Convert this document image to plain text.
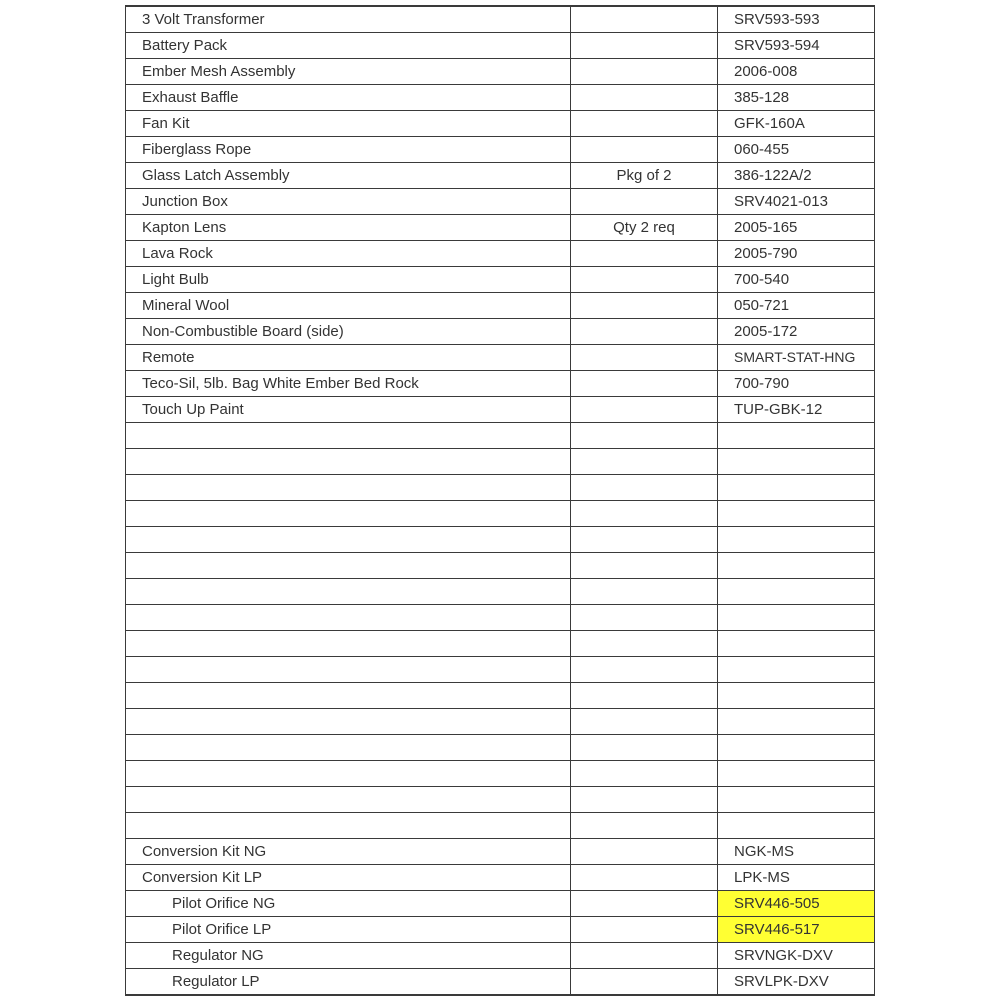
3 Volt Transformer		SRV593-593
Battery Pack		SRV593-594
Ember Mesh Assembly		2006-008
Exhaust Baffle		385-128
Fan Kit		GFK-160A
Fiberglass Rope		060-455
Glass Latch Assembly	Pkg of 2	386-122A/2
Junction Box		SRV4021-013
Kapton Lens	Qty 2 req	2005-165
Lava Rock		2005-790
Light Bulb		700-540
Mineral Wool		050-721
Non-Combustible Board (side)		2005-172
Remote		SMART-STAT-HNG
Teco-Sil, 5lb. Bag White Ember Bed Rock		700-790
Touch Up Paint		TUP-GBK-12

Conversion Kit NG		NGK-MS
Conversion Kit LP		LPK-MS
Pilot Orifice NG		SRV446-505
Pilot Orifice LP		SRV446-517
Regulator NG		SRVNGK-DXV
Regulator LP		SRVLPK-DXV
